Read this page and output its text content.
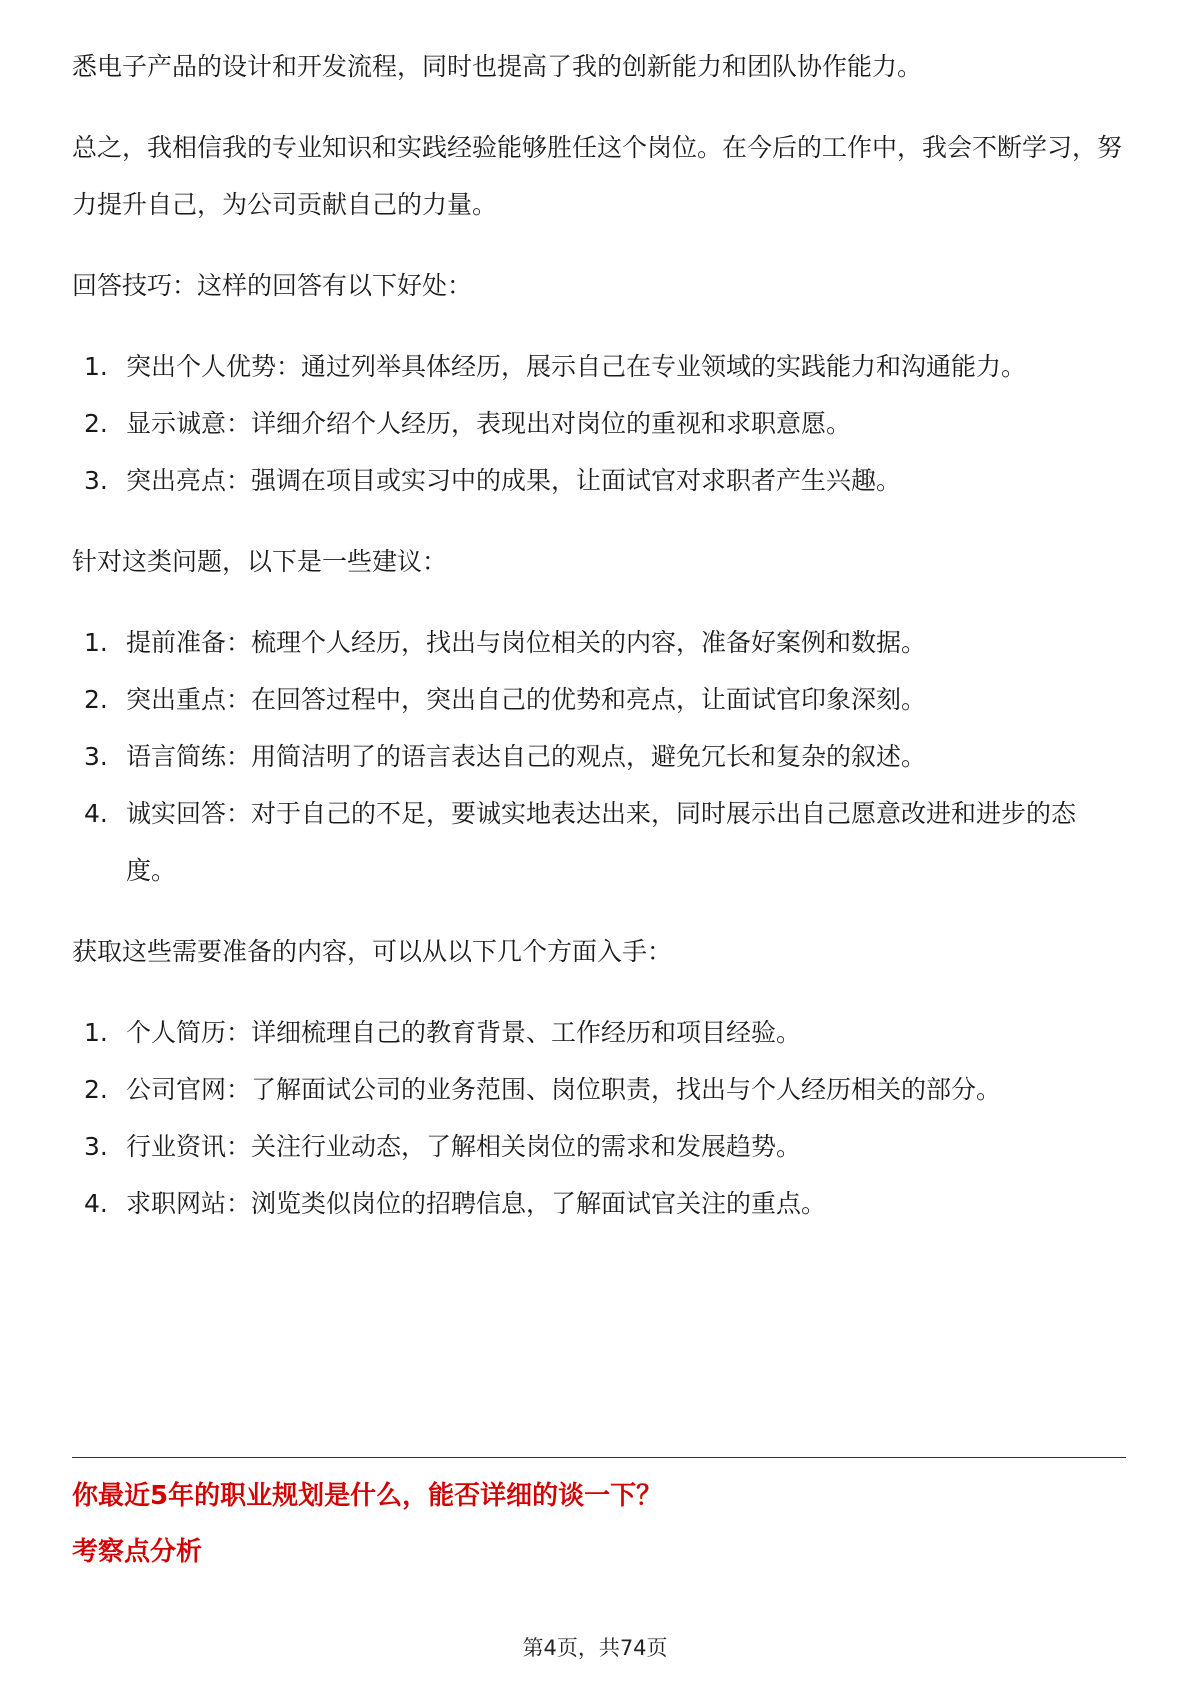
悉电子产品的设计和开发流程，同时也提高了我的创新能力和团队协作能力。

总之，我相信我的专业知识和实践经验能够胜任这个岗位。在今后的工作中，我会不断学习，努力提升自己，为公司贡献自己的力量。

回答技巧：这样的回答有以下好处：

1. 突出个人优势：通过列举具体经历，展示自己在专业领域的实践能力和沟通能力。
2. 显示诚意：详细介绍个人经历，表现出对岗位的重视和求职意愿。
3. 突出亮点：强调在项目或实习中的成果，让面试官对求职者产生兴趣。

针对这类问题，以下是一些建议：

1. 提前准备：梳理个人经历，找出与岗位相关的内容，准备好案例和数据。
2. 突出重点：在回答过程中，突出自己的优势和亮点，让面试官印象深刻。
3. 语言简练：用简洁明了的语言表达自己的观点，避免冗长和复杂的叙述。
4. 诚实回答：对于自己的不足，要诚实地表达出来，同时展示出自己愿意改进和进步的态度。

获取这些需要准备的内容，可以从以下几个方面入手：

1. 个人简历：详细梳理自己的教育背景、工作经历和项目经验。
2. 公司官网：了解面试公司的业务范围、岗位职责，找出与个人经历相关的部分。
3. 行业资讯：关注行业动态，了解相关岗位的需求和发展趋势。
4. 求职网站：浏览类似岗位的招聘信息，了解面试官关注的重点。

你最近5年的职业规划是什么，能否详细的谈一下？

考察点分析

第4页，共74页
